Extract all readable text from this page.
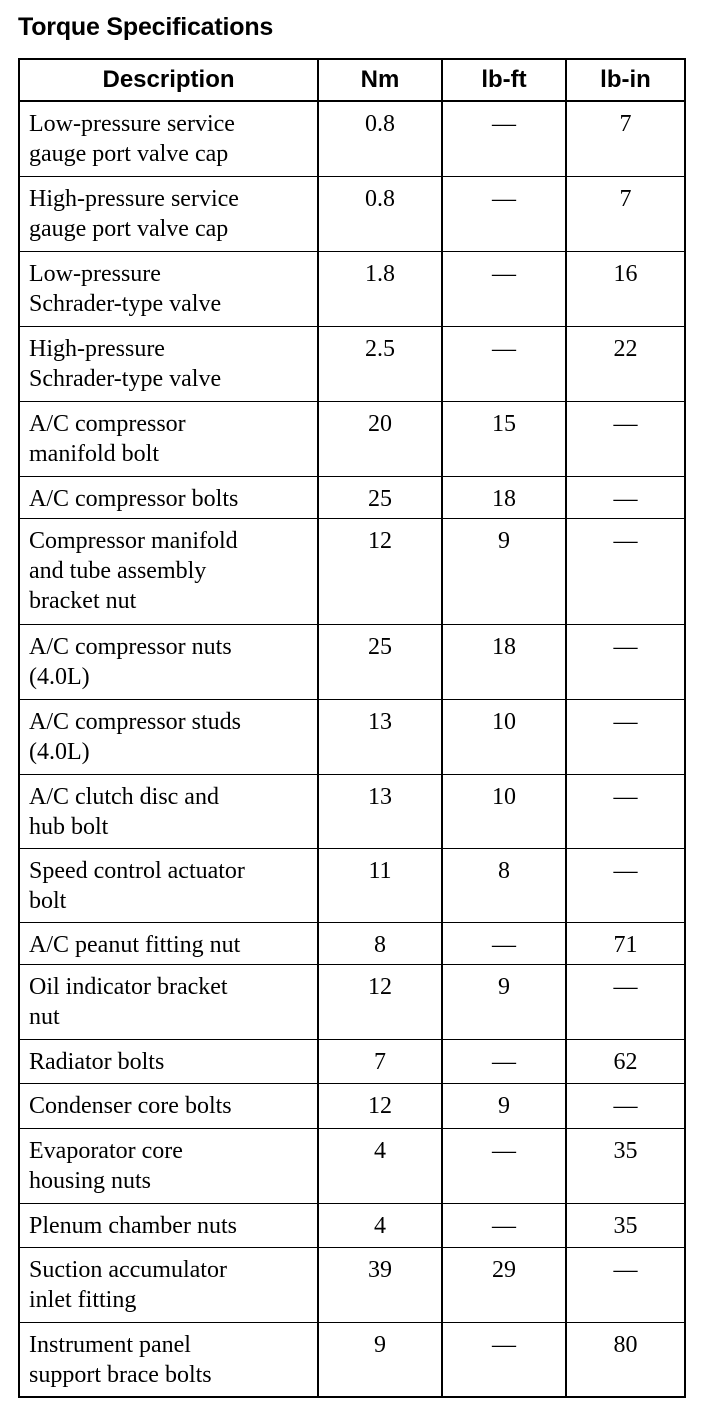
Torque Specifications
Description	Nm	lb-ft	lb-in
Low-pressure service
gauge port valve cap	0.8	—	7
High-pressure service
gauge port valve cap	0.8	—	7
Low-pressure
Schrader-type valve	1.8	—	16
High-pressure
Schrader-type valve	2.5	—	22
A/C compressor
manifold bolt	20	15	—
A/C compressor bolts	25	18	—
Compressor manifold
and tube assembly
bracket nut	12	9	—
A/C compressor nuts
(4.0L)	25	18	—
A/C compressor studs
(4.0L)	13	10	—
A/C clutch disc and
hub bolt	13	10	—
Speed control actuator
bolt	11	8	—
A/C peanut fitting nut	8	—	71
Oil indicator bracket
nut	12	9	—
Radiator bolts	7	—	62
Condenser core bolts	12	9	—
Evaporator core
housing nuts	4	—	35
Plenum chamber nuts	4	—	35
Suction accumulator
inlet fitting	39	29	—
Instrument panel
support brace bolts	9	—	80
